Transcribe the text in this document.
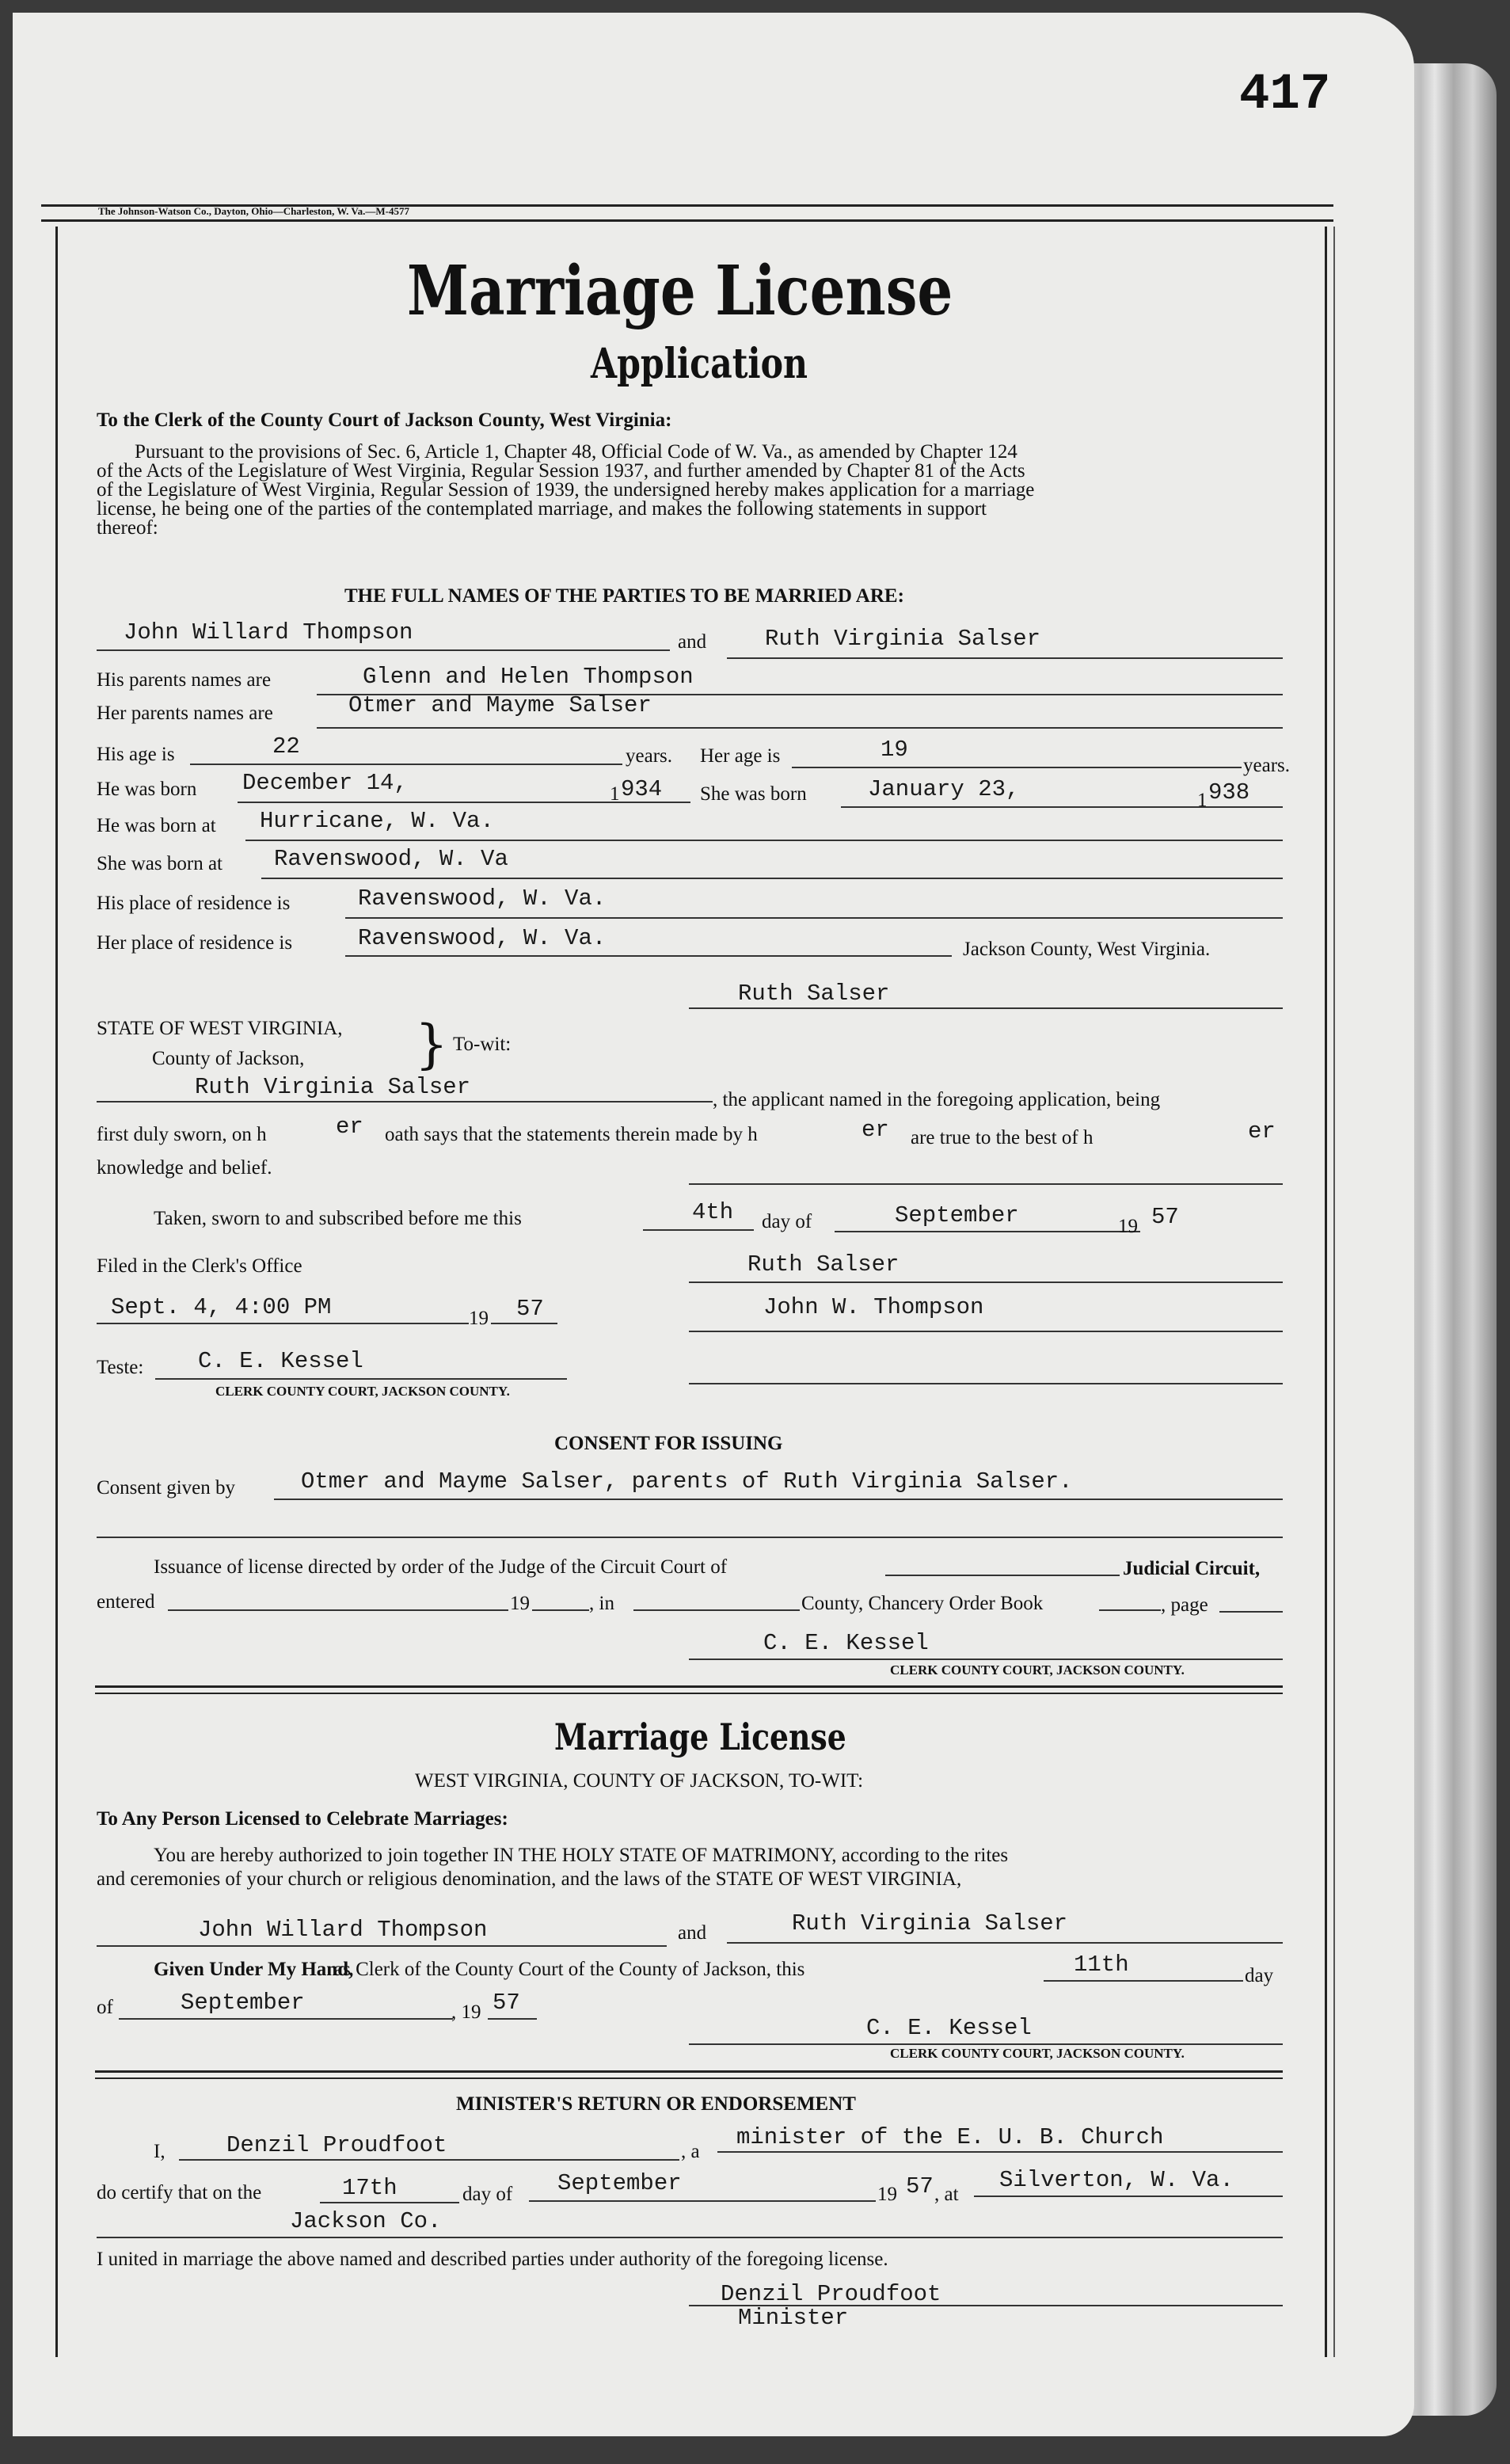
417
The Johnson-Watson Co., Dayton, Ohio—Charleston, W. Va.—M-4577
Marriage License
Application
To the Clerk of the County Court of Jackson County, West Virginia:
Pursuant to the provisions of Sec. 6, Article 1, Chapter 48, Official Code of W. Va., as amended by Chapter 124
of the Acts of the Legislature of West Virginia, Regular Session 1937, and further amended by Chapter 81 of the Acts
of the Legislature of West Virginia, Regular Session of 1939, the undersigned hereby makes application for a marriage
license, he being one of the parties of the contemplated marriage, and makes the following statements in support
thereof:
THE FULL NAMES OF THE PARTIES TO BE MARRIED ARE:
John Willard Thompson	and	Ruth Virginia Salser
His parents names are	Glenn and Helen Thompson
Her parents names are	Otmer and Mayme Salser
His age is	22	years. Her age is	19
years.
He was born December 14,	1 934 She was born	January 23,	1 938
He was born at Hurricane, W. Va.
She was born at Ravenswood, W. Va
His place of residence is	Ravenswood, W. Va.
Her place of residence is	Ravenswood, W. Va.	Jackson County, West Virginia.
Ruth Salser
STATE OF WEST VIRGINIA,
County of Jackson, } To-wit:
Ruth Virginia Salser	, the applicant named in the foregoing application, being
first duly sworn, on h	er oath says that the statements therein made by h	er are true to the best of h	er
knowledge and belief.
Taken, sworn to and subscribed before me this	4th day of	September	19 57
Filed in the Clerk's Office	Ruth Salser
Sept. 4, 4:00 PM	19 57	John W. Thompson
Teste: C. E. Kessel
CLERK COUNTY COURT, JACKSON COUNTY.
CONSENT FOR ISSUING
Consent given by	Otmer and Mayme Salser, parents of Ruth Virginia Salser.
Issuance of license directed by order of the Judge of the Circuit Court of	Judicial Circuit,
entered	19	, in	County, Chancery Order Book	, page
C. E. Kessel
CLERK COUNTY COURT, JACKSON COUNTY.
Marriage License
WEST VIRGINIA, COUNTY OF JACKSON, TO-WIT:
To Any Person Licensed to Celebrate Marriages:
You are hereby authorized to join together IN THE HOLY STATE OF MATRIMONY, according to the rites
and ceremonies of your church or religious denomination, and the laws of the STATE OF WEST VIRGINIA,
John Willard Thompson	and	Ruth Virginia Salser
Given Under My Hand,
as Clerk of the County Court of the County of Jackson, this	11th	day
of	September	, 19 57
C. E. Kessel
CLERK COUNTY COURT, JACKSON COUNTY.
MINISTER'S RETURN OR ENDORSEMENT
I,	Denzil Proudfoot	, a
minister of the E. U. B. Church
do certify that on the	17th	day of September	19 57 , at
Silverton, W. Va.
Jackson Co.
I united in marriage the above named and described parties under authority of the foregoing license.
Denzil Proudfoot
Minister
